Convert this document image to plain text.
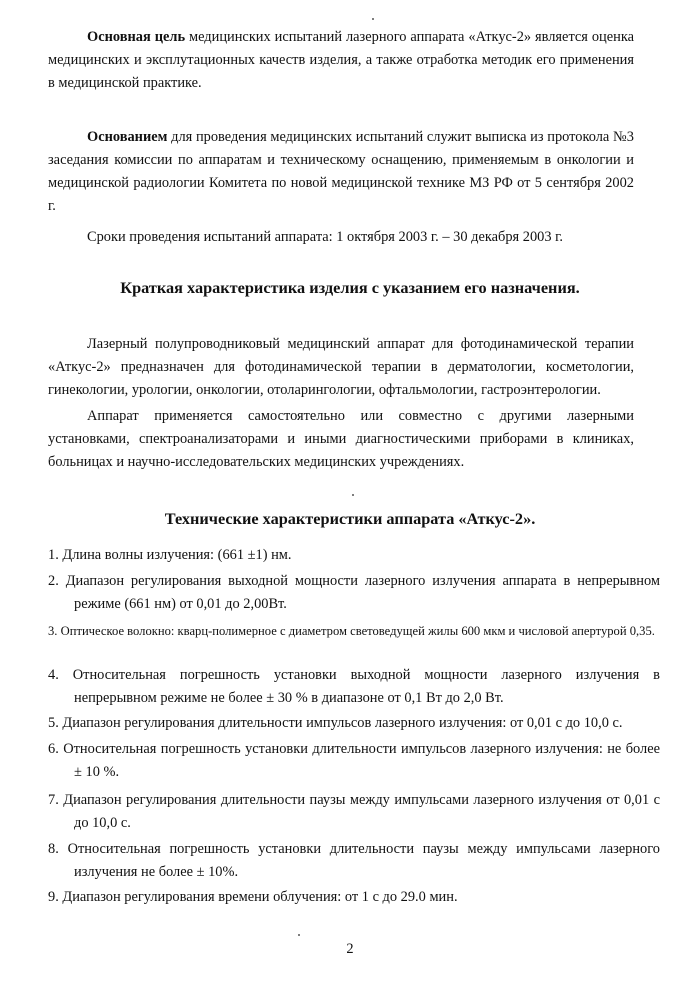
Основная цель медицинских испытаний лазерного аппарата «Аткус-2» является оценка медицинских и эксплутационных качеств изделия, а также отработка методик его применения в медицинской практике.

Основанием для проведения медицинских испытаний служит выписка из протокола №3 заседания комиссии по аппаратам и техническому оснащению, применяемым в онкологии и медицинской радиологии Комитета по новой медицинской технике МЗ РФ от 5 сентября 2002 г.

Сроки проведения испытаний аппарата: 1 октября 2003 г. – 30 декабря 2003 г.

Краткая характеристика изделия с указанием его назначения.

Лазерный полупроводниковый медицинский аппарат для фотодинамической терапии «Аткус-2» предназначен для фотодинамической терапии в дерматологии, косметологии, гинекологии, урологии, онкологии, отоларингологии, офтальмологии, гастроэнтерологии.

Аппарат применяется самостоятельно или совместно с другими лазерными установками, спектроанализаторами и иными диагностическими приборами в клиниках, больницах и научно-исследовательских медицинских учреждениях.

Технические характеристики аппарата «Аткус-2».

1. Длина волны излучения: (661 ±1) нм.

2. Диапазон регулирования выходной мощности лазерного излучения аппарата в непрерывном режиме (661 нм) от 0,01 до 2,00Вт.

3. Оптическое волокно: кварц-полимерное с диаметром световедущей жилы 600 мкм и числовой апертурой 0,35.

4. Относительная погрешность установки выходной мощности лазерного излучения в непрерывном режиме не более ± 30 % в диапазоне от 0,1 Вт до 2,0 Вт.

5. Диапазон регулирования длительности импульсов лазерного излучения: от 0,01 с до 10,0 с.

6. Относительная погрешность установки длительности импульсов лазерного излучения: не более ± 10 %.

7. Диапазон регулирования длительности паузы между импульсами лазерного излучения от 0,01 с до 10,0 с.

8. Относительная погрешность установки длительности паузы между импульсами лазерного излучения не более ± 10%.

9. Диапазон регулирования времени облучения: от 1 с до 29.0 мин.

2
